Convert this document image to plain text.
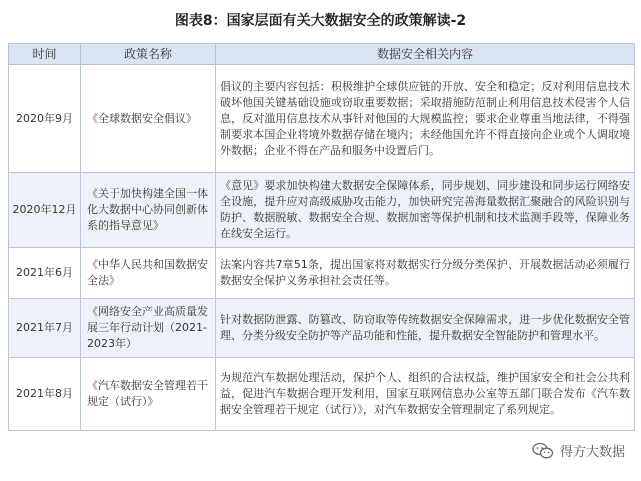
图表8：国家层面有关大数据安全的政策解读-2
时间	政策名称	数据安全相关内容
2020年9月	《全球数据安全倡议》	倡议的主要内容包括：积极维护全球供应链的开放、安全和稳定；反对利用信息技术破坏他国关键基础设施或窃取重要数据；采取措施防范制止利用信息技术侵害个人信息，反对滥用信息技术从事针对他国的大规模监控；要求企业尊重当地法律，不得强制要求本国企业将境外数据存储在境内；未经他国允许不得直接向企业或个人调取境外数据；企业不得在产品和服务中设置后门。
2020年12月	《关于加快构建全国一体化大数据中心协同创新体系的指导意见》	《意见》要求加快构建大数据安全保障体系，同步规划、同步建设和同步运行网络安全设施，提升应对高级威胁攻击能力，加快研究完善海量数据汇聚融合的风险识别与防护、数据脱敏、数据安全合规、数据加密等保护机制和技术监测手段等，保障业务在线安全运行。
2021年6月	《中华人民共和国数据安全法》	法案内容共7章51条，提出国家将对数据实行分级分类保护、开展数据活动必须履行数据安全保护义务承担社会责任等。
2021年7月	《网络安全产业高质量发展三年行动计划（2021-2023年）	针对数据防泄露、防篡改、防窃取等传统数据安全保障需求，进一步优化数据安全管理、分类分级安全防护等产品功能和性能，提升数据安全智能防护和管理水平。
2021年8月	《汽车数据安全管理若干规定（试行）》	为规范汽车数据处理活动，保护个人、组织的合法权益，维护国家安全和社会公共利益，促进汽车数据合理开发利用，国家互联网信息办公室等五部门联合发布《汽车数据安全管理若干规定（试行）》，对汽车数据安全管理制定了系列规定。
得方大数据
